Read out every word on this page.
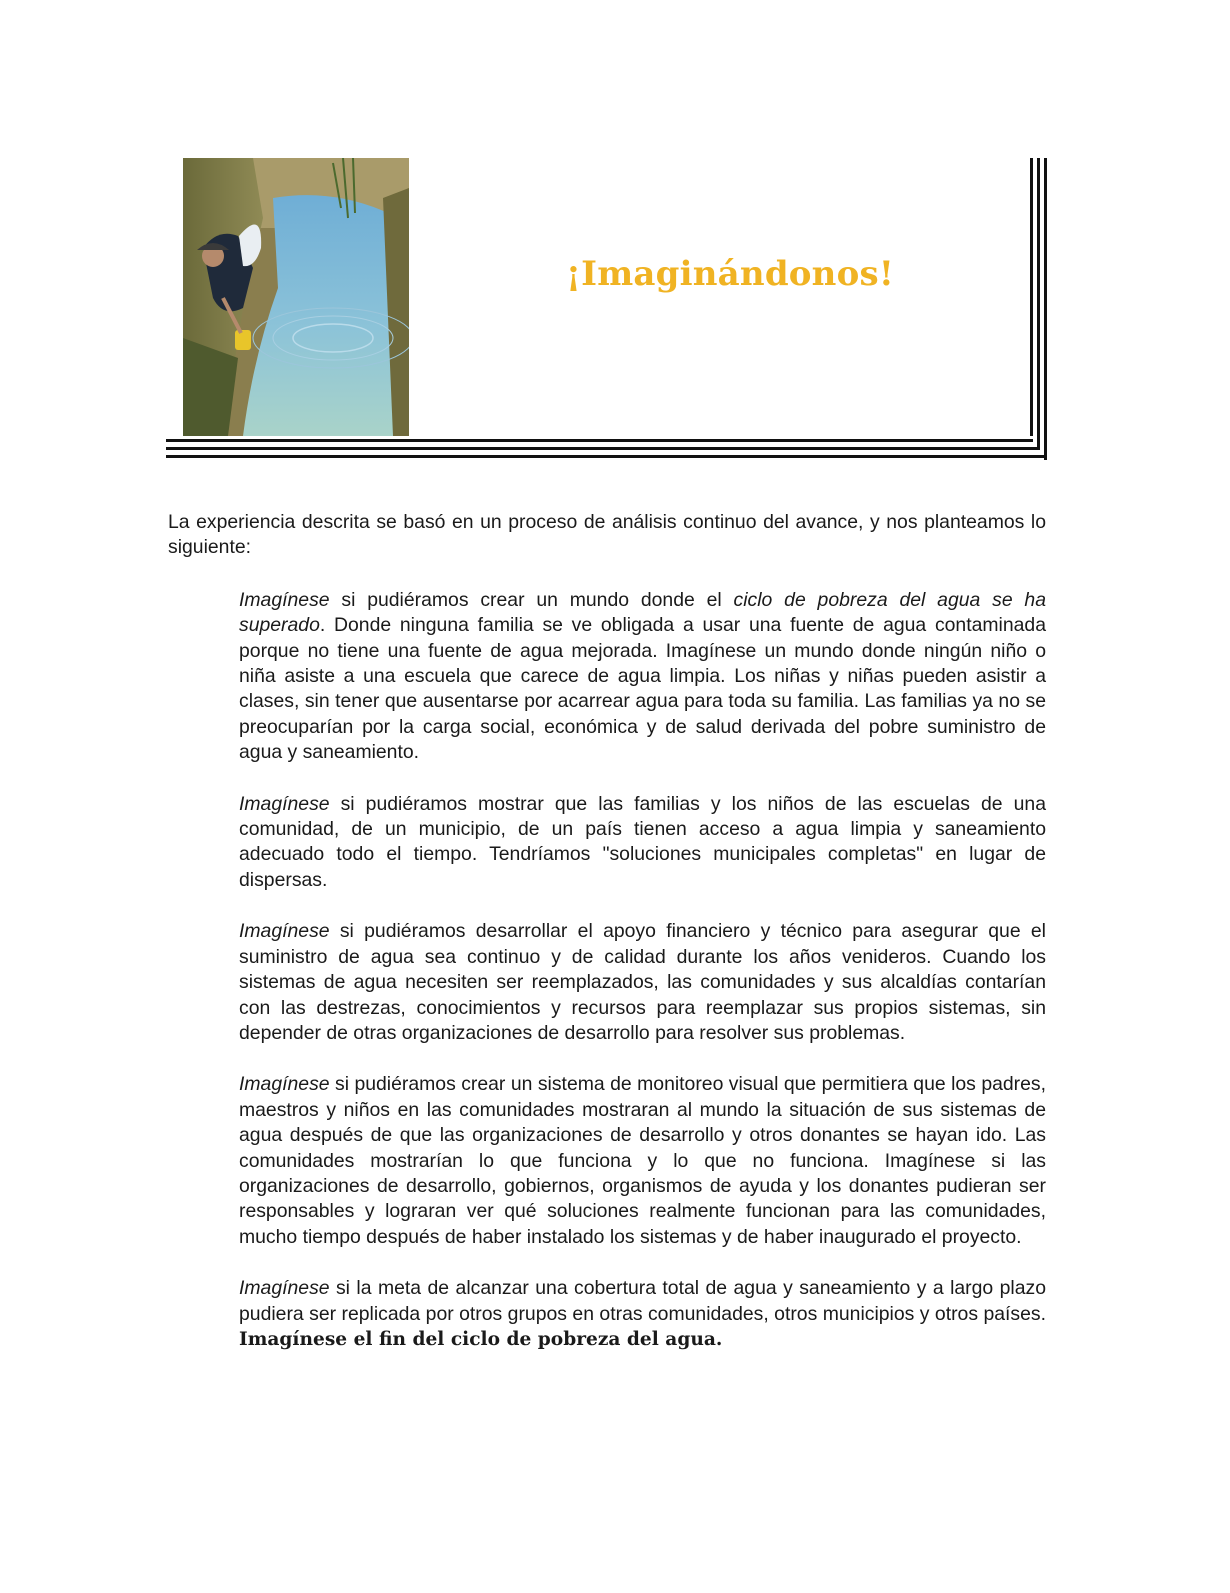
¡Imaginándonos!

La experiencia descrita se basó en un proceso de análisis continuo del avance, y nos planteamos lo siguiente:

Imagínese si pudiéramos crear un mundo donde el ciclo de pobreza del agua se ha superado. Donde ninguna familia se ve obligada a usar una fuente de agua contaminada porque no tiene una fuente de agua mejorada. Imagínese un mundo donde ningún niño o niña asiste a una escuela que carece de agua limpia. Los niñas y niñas pueden asistir a clases, sin tener que ausentarse por acarrear agua para toda su familia. Las familias ya no se preocuparían por la carga social, económica y de salud derivada del pobre suministro de agua y saneamiento.

Imagínese si pudiéramos mostrar que las familias y los niños de las escuelas de una comunidad, de un municipio, de un país tienen acceso a agua limpia y saneamiento adecuado todo el tiempo. Tendríamos "soluciones municipales completas" en lugar de dispersas.

Imagínese si pudiéramos desarrollar el apoyo financiero y técnico para asegurar que el suministro de agua sea continuo y de calidad durante los años venideros. Cuando los sistemas de agua necesiten ser reemplazados, las comunidades y sus alcaldías contarían con las destrezas, conocimientos y recursos para reemplazar sus propios sistemas, sin depender de otras organizaciones de desarrollo para resolver sus problemas.

Imagínese si pudiéramos crear un sistema de monitoreo visual que permitiera que los padres, maestros y niños en las comunidades mostraran al mundo la situación de sus sistemas de agua después de que las organizaciones de desarrollo y otros donantes se hayan ido. Las comunidades mostrarían lo que funciona y lo que no funciona. Imagínese si las organizaciones de desarrollo, gobiernos, organismos de ayuda y los donantes pudieran ser responsables y lograran ver qué soluciones realmente funcionan para las comunidades, mucho tiempo después de haber instalado los sistemas y de haber inaugurado el proyecto.

Imagínese si la meta de alcanzar una cobertura total de agua y saneamiento y a largo plazo pudiera ser replicada por otros grupos en otras comunidades, otros municipios y otros países. Imagínese el fin del ciclo de pobreza del agua.
